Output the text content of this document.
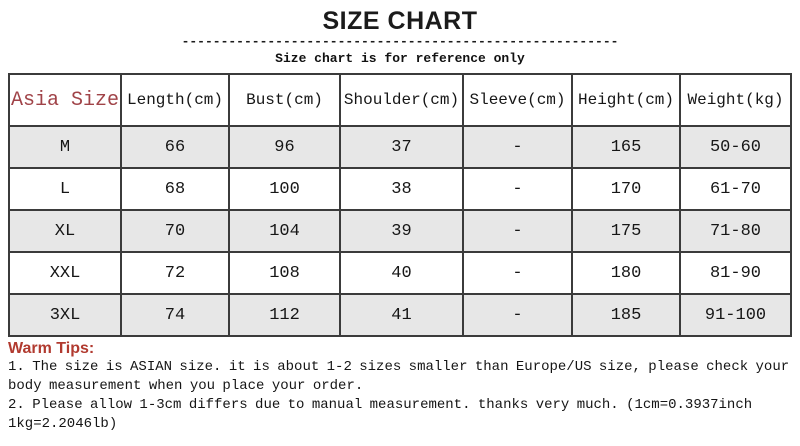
SIZE CHART
--------------------------------------------------------
Size chart is for reference only
Asia Size	Length(cm)	Bust(cm)	Shoulder(cm)	Sleeve(cm)	Height(cm)	Weight(kg)
M	66	96	37	-	165	50-60
L	68	100	38	-	170	61-70
XL	70	104	39	-	175	71-80
XXL	72	108	40	-	180	81-90
3XL	74	112	41	-	185	91-100
Warm Tips:
1. The size is ASIAN size. it is about 1-2 sizes smaller than Europe/US size, please check your body measurement when you place your order.
2. Please allow 1-3cm differs due to manual measurement. thanks very much. (1cm=0.3937inch 1kg=2.2046lb)
